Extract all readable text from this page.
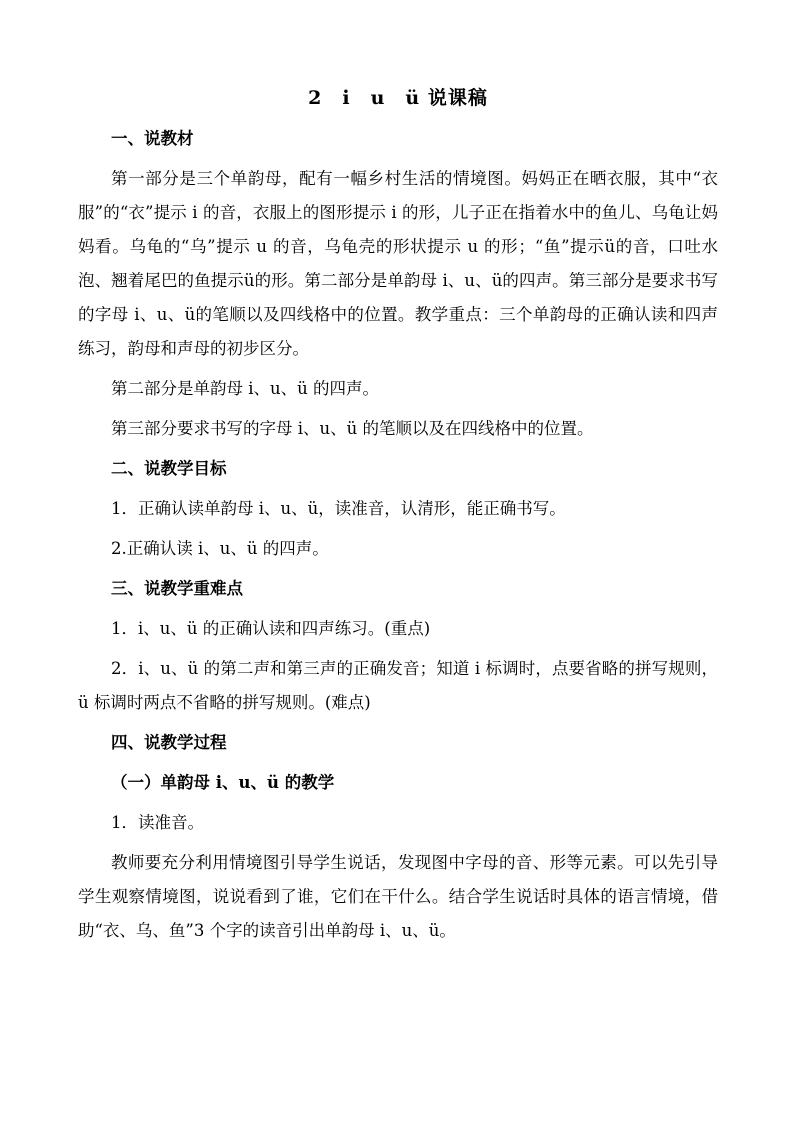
2　i　u　ü 说课稿
一、说教材

第一部分是三个单韵母，配有一幅乡村生活的情境图。妈妈正在晒衣服，其中“衣服”的“衣”提示 i 的音，衣服上的图形提示 i 的形，儿子正在指着水中的鱼儿、乌龟让妈妈看。乌龟的“乌”提示 u 的音，乌龟壳的形状提示 u 的形；“鱼”提示ü的音，口吐水泡、翘着尾巴的鱼提示ü的形。第二部分是单韵母 i、u、ü的四声。第三部分是要求书写的字母 i、u、ü的笔顺以及四线格中的位置。教学重点：三个单韵母的正确认读和四声练习，韵母和声母的初步区分。

第二部分是单韵母 i、u、ü 的四声。

第三部分要求书写的字母 i、u、ü 的笔顺以及在四线格中的位置。

二、说教学目标

1．正确认读单韵母 i、u、ü，读准音，认清形，能正确书写。

2.正确认读 i、u、ü 的四声。

三、说教学重难点

1．i、u、ü 的正确认读和四声练习。(重点)

2．i、u、ü 的第二声和第三声的正确发音；知道 i 标调时，点要省略的拼写规则，ü 标调时两点不省略的拼写规则。(难点)

四、说教学过程
（一）单韵母 i、u、ü 的教学

1．读准音。

教师要充分利用情境图引导学生说话，发现图中字母的音、形等元素。可以先引导学生观察情境图，说说看到了谁，它们在干什么。结合学生说话时具体的语言情境，借助“衣、乌、鱼”3 个字的读音引出单韵母 i、u、ü。
